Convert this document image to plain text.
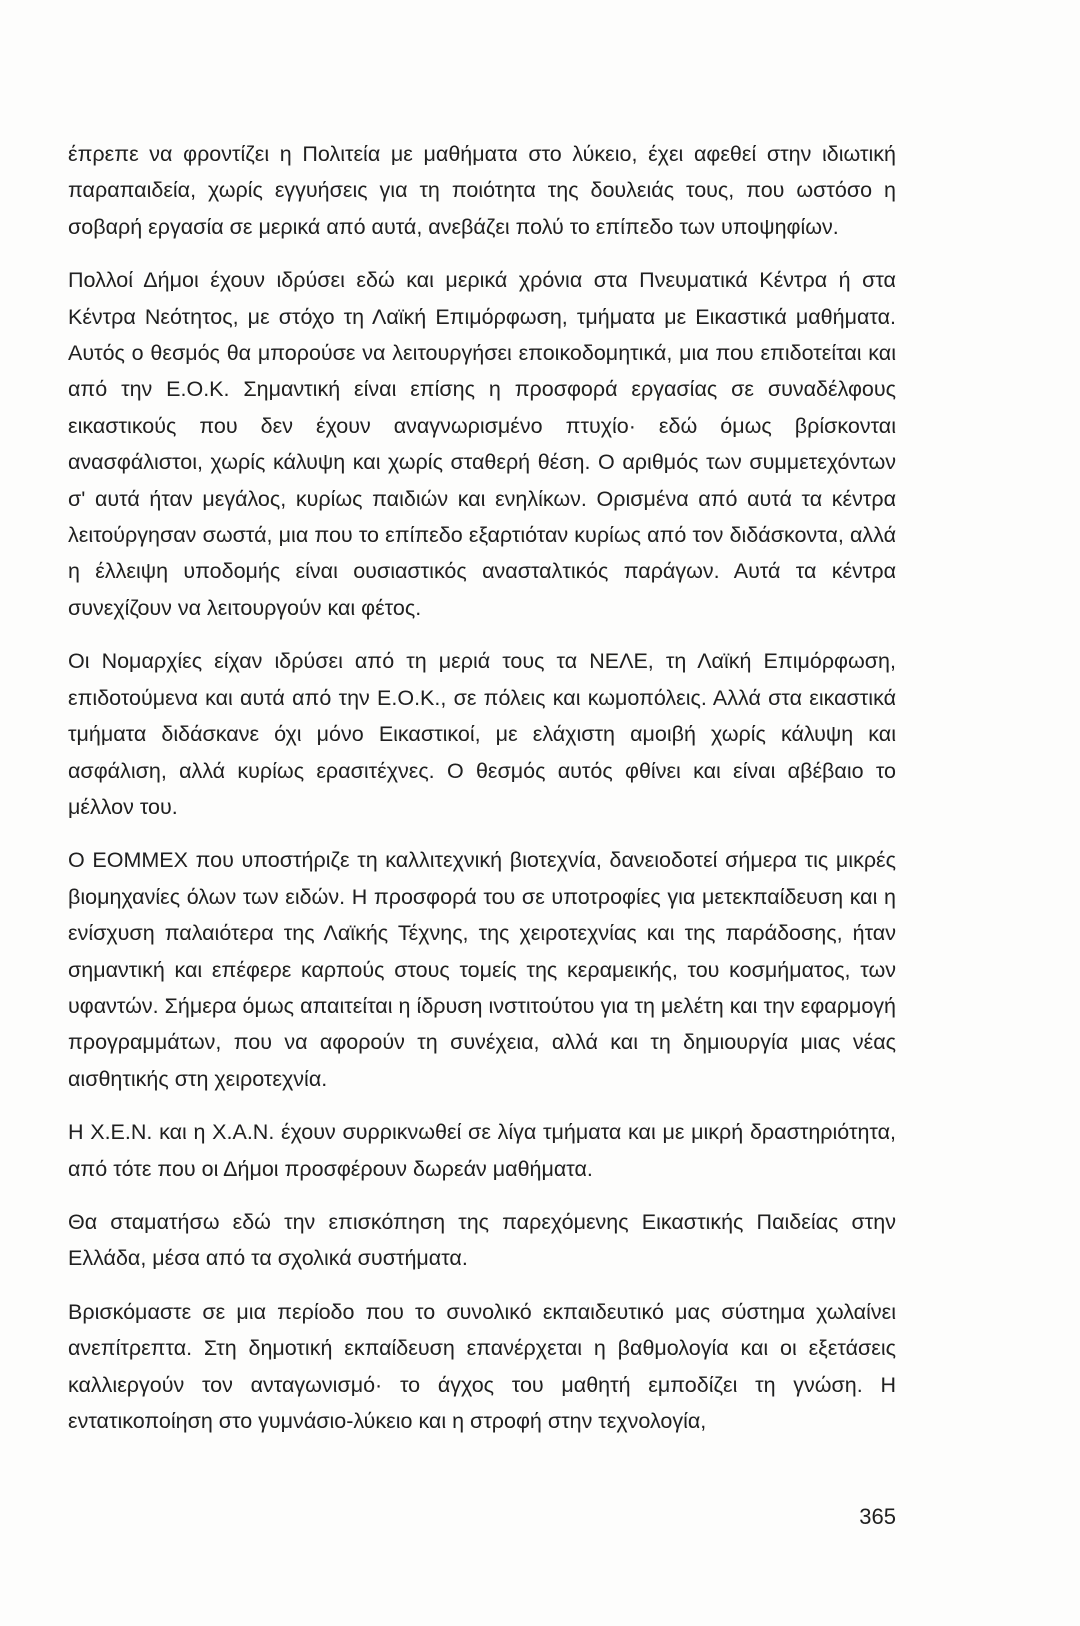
έπρεπε να φροντίζει η Πολιτεία με μαθήματα στο λύκειο, έχει αφεθεί στην ιδιωτική παραπαιδεία, χωρίς εγγυήσεις για τη ποιότητα της δουλειάς τους, που ωστόσο η σοβαρή εργασία σε μερικά από αυτά, ανεβάζει πολύ το επίπεδο των υποψηφίων.

Πολλοί Δήμοι έχουν ιδρύσει εδώ και μερικά χρόνια στα Πνευματικά Κέντρα ή στα Κέντρα Νεότητος, με στόχο τη Λαϊκή Επιμόρφωση, τμήματα με Εικαστικά μαθήματα. Αυτός ο θεσμός θα μπορούσε να λειτουργήσει εποικοδομητικά, μια που επιδοτείται και από την Ε.Ο.Κ. Σημαντική είναι επίσης η προσφορά εργασίας σε συναδέλφους εικαστικούς που δεν έχουν αναγνωρισμένο πτυχίο· εδώ όμως βρίσκονται ανασφάλιστοι, χωρίς κάλυψη και χωρίς σταθερή θέση. Ο αριθμός των συμμετεχόντων σ' αυτά ήταν μεγάλος, κυρίως παιδιών και ενηλίκων. Ορισμένα από αυτά τα κέντρα λειτούργησαν σωστά, μια που το επίπεδο εξαρτιόταν κυρίως από τον διδάσκοντα, αλλά η έλλειψη υποδομής είναι ουσιαστικός ανασταλτικός παράγων. Αυτά τα κέντρα συνεχίζουν να λειτουργούν και φέτος.

Οι Νομαρχίες είχαν ιδρύσει από τη μεριά τους τα ΝΕΛΕ, τη Λαϊκή Επιμόρφωση, επιδοτούμενα και αυτά από την Ε.Ο.Κ., σε πόλεις και κωμοπόλεις. Αλλά στα εικαστικά τμήματα διδάσκανε όχι μόνο Εικαστικοί, με ελάχιστη αμοιβή χωρίς κάλυψη και ασφάλιση, αλλά κυρίως ερασιτέχνες. Ο θεσμός αυτός φθίνει και είναι αβέβαιο το μέλλον του.

Ο ΕΟΜΜΕΧ που υποστήριζε τη καλλιτεχνική βιοτεχνία, δανειοδοτεί σήμερα τις μικρές βιομηχανίες όλων των ειδών. Η προσφορά του σε υποτροφίες για μετεκπαίδευση και η ενίσχυση παλαιότερα της Λαϊκής Τέχνης, της χειροτεχνίας και της παράδοσης, ήταν σημαντική και επέφερε καρπούς στους τομείς της κεραμεικής, του κοσμήματος, των υφαντών. Σήμερα όμως απαιτείται η ίδρυση ινστιτούτου για τη μελέτη και την εφαρμογή προγραμμάτων, που να αφορούν τη συνέχεια, αλλά και τη δημιουργία μιας νέας αισθητικής στη χειροτεχνία.

Η Χ.Ε.Ν. και η Χ.Α.Ν. έχουν συρρικνωθεί σε λίγα τμήματα και με μικρή δραστηριότητα, από τότε που οι Δήμοι προσφέρουν δωρεάν μαθήματα.

Θα σταματήσω εδώ την επισκόπηση της παρεχόμενης Εικαστικής Παιδείας στην Ελλάδα, μέσα από τα σχολικά συστήματα.

Βρισκόμαστε σε μια περίοδο που το συνολικό εκπαιδευτικό μας σύστημα χωλαίνει ανεπίτρεπτα. Στη δημοτική εκπαίδευση επανέρχεται η βαθμολογία και οι εξετάσεις καλλιεργούν τον ανταγωνισμό· το άγχος του μαθητή εμποδίζει τη γνώση. Η εντατικοποίηση στο γυμνάσιο-λύκειο και η στροφή στην τεχνολογία,

365
